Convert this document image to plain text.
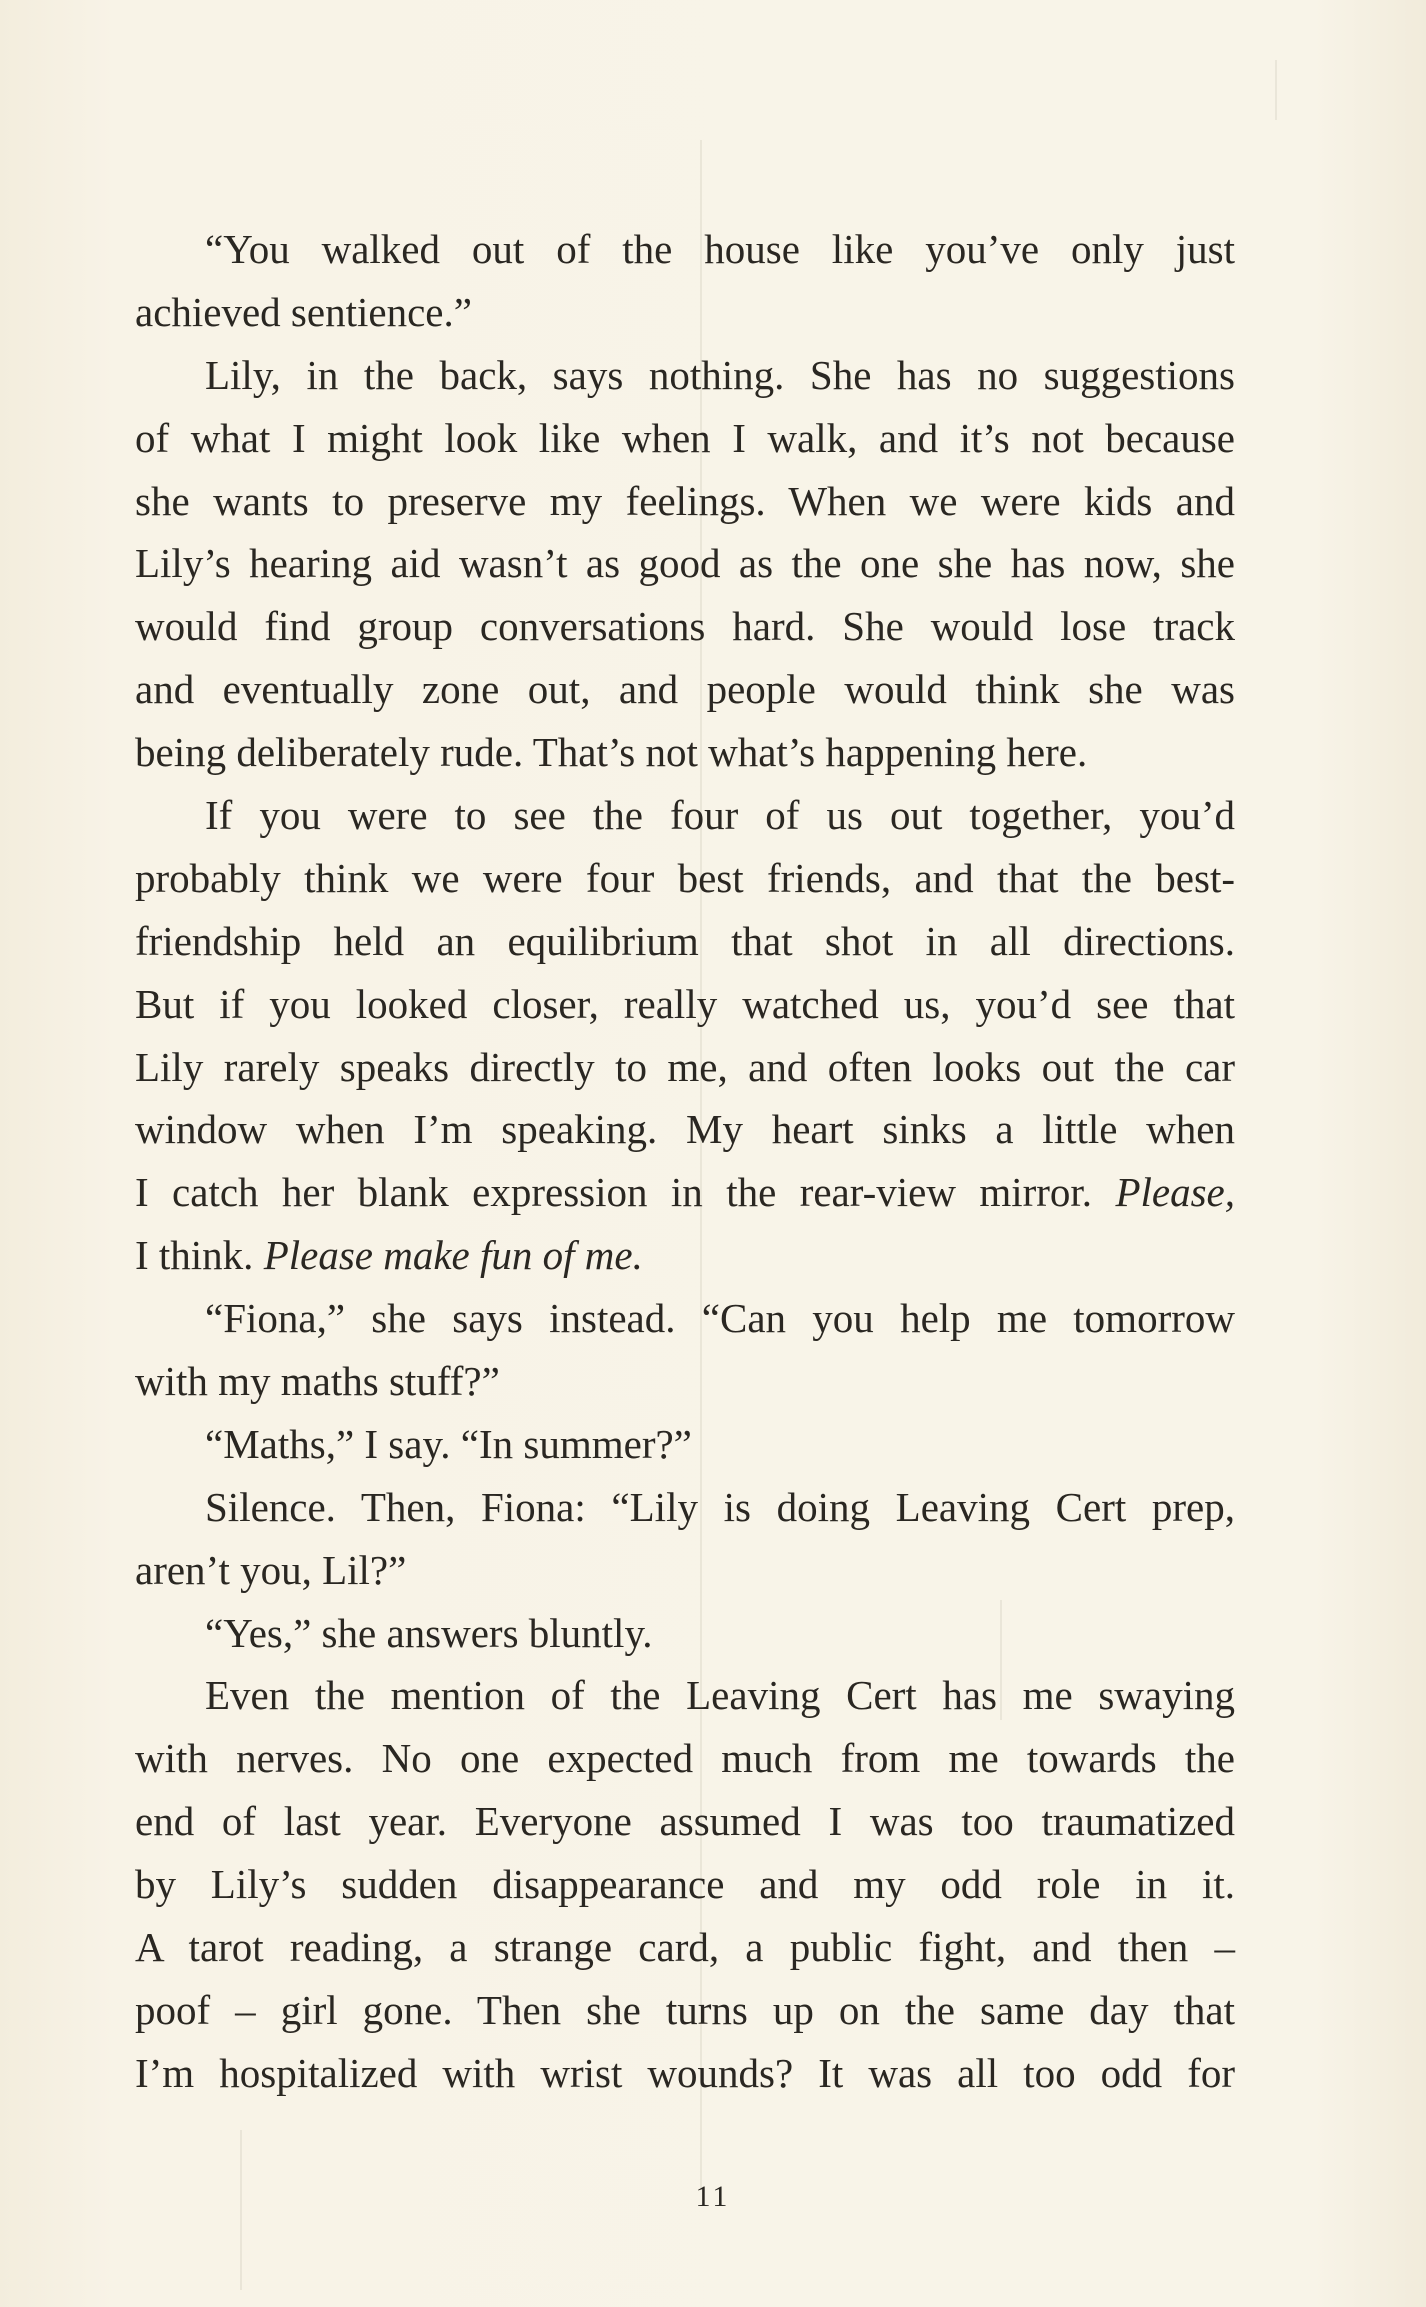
“You walked out of the house like you’ve only just
achieved sentience.”
Lily, in the back, says nothing. She has no suggestions
of what I might look like when I walk, and it’s not because
she wants to preserve my feelings. When we were kids and
Lily’s hearing aid wasn’t as good as the one she has now, she
would find group conversations hard. She would lose track
and eventually zone out, and people would think she was
being deliberately rude. That’s not what’s happening here.
If you were to see the four of us out together, you’d
probably think we were four best friends, and that the best-
friendship held an equilibrium that shot in all directions.
But if you looked closer, really watched us, you’d see that
Lily rarely speaks directly to me, and often looks out the car
window when I’m speaking. My heart sinks a little when
I catch her blank expression in the rear-view mirror. Please,
I think. Please make fun of me.
“Fiona,” she says instead. “Can you help me tomorrow
with my maths stuff?”
“Maths,” I say. “In summer?”
Silence. Then, Fiona: “Lily is doing Leaving Cert prep,
aren’t you, Lil?”
“Yes,” she answers bluntly.
Even the mention of the Leaving Cert has me swaying
with nerves. No one expected much from me towards the
end of last year. Everyone assumed I was too traumatized
by Lily’s sudden disappearance and my odd role in it.
A tarot reading, a strange card, a public fight, and then –
poof – girl gone. Then she turns up on the same day that
I’m hospitalized with wrist wounds? It was all too odd for
11
